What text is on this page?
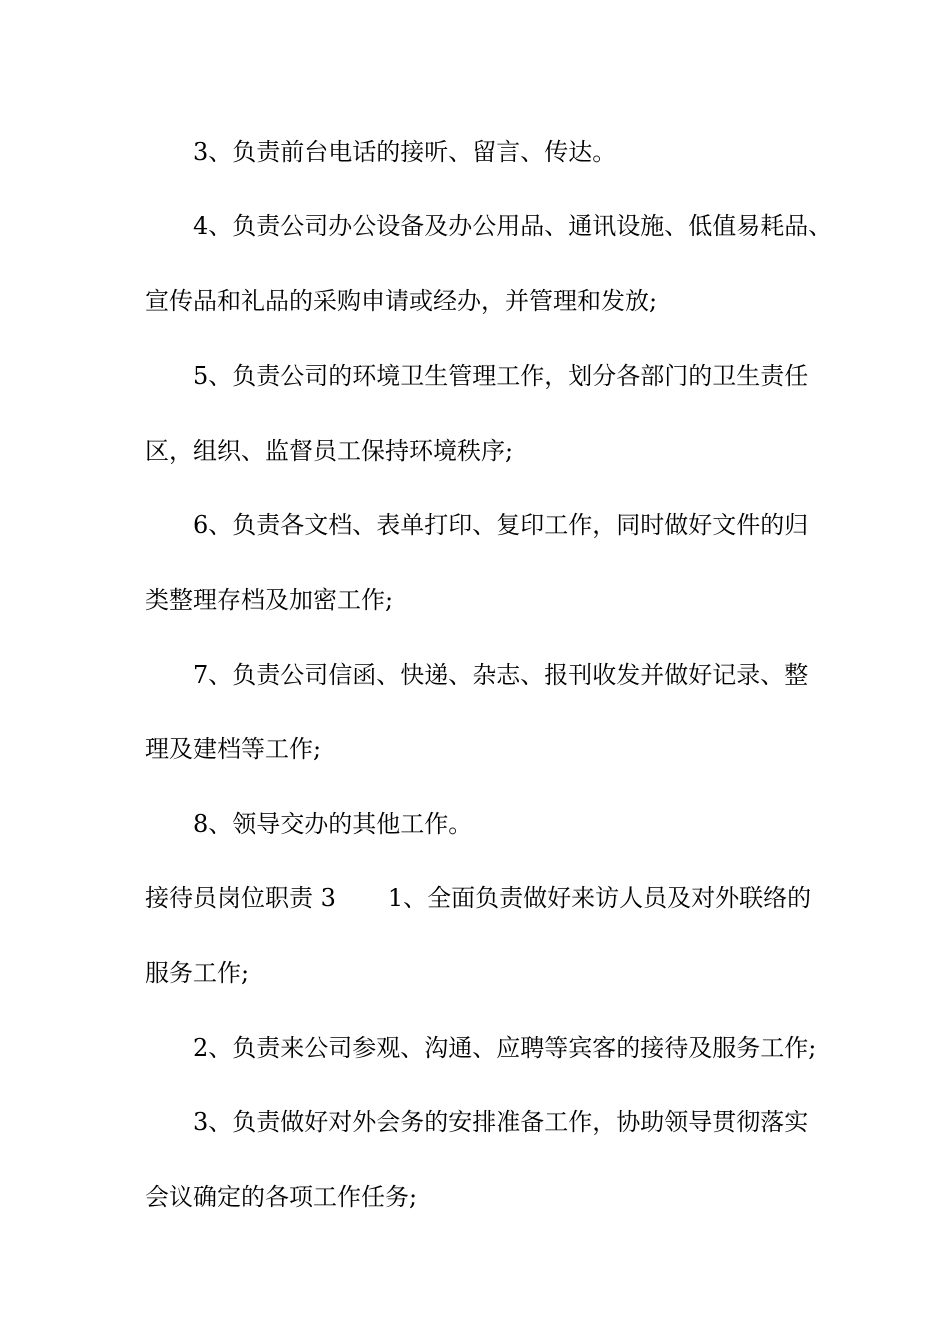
3、负责前台电话的接听、留言、传达。
4、负责公司办公设备及办公用品、通讯设施、低值易耗品、
宣传品和礼品的采购申请或经办，并管理和发放;
5、负责公司的环境卫生管理工作，划分各部门的卫生责任
区，组织、监督员工保持环境秩序;
6、负责各文档、表单打印、复印工作，同时做好文件的归
类整理存档及加密工作;
7、负责公司信函、快递、杂志、报刊收发并做好记录、整
理及建档等工作;
8、领导交办的其他工作。
接待员岗位职责 3 1、全面负责做好来访人员及对外联络的
服务工作;
2、负责来公司参观、沟通、应聘等宾客的接待及服务工作;
3、负责做好对外会务的安排准备工作，协助领导贯彻落实
会议确定的各项工作任务;
